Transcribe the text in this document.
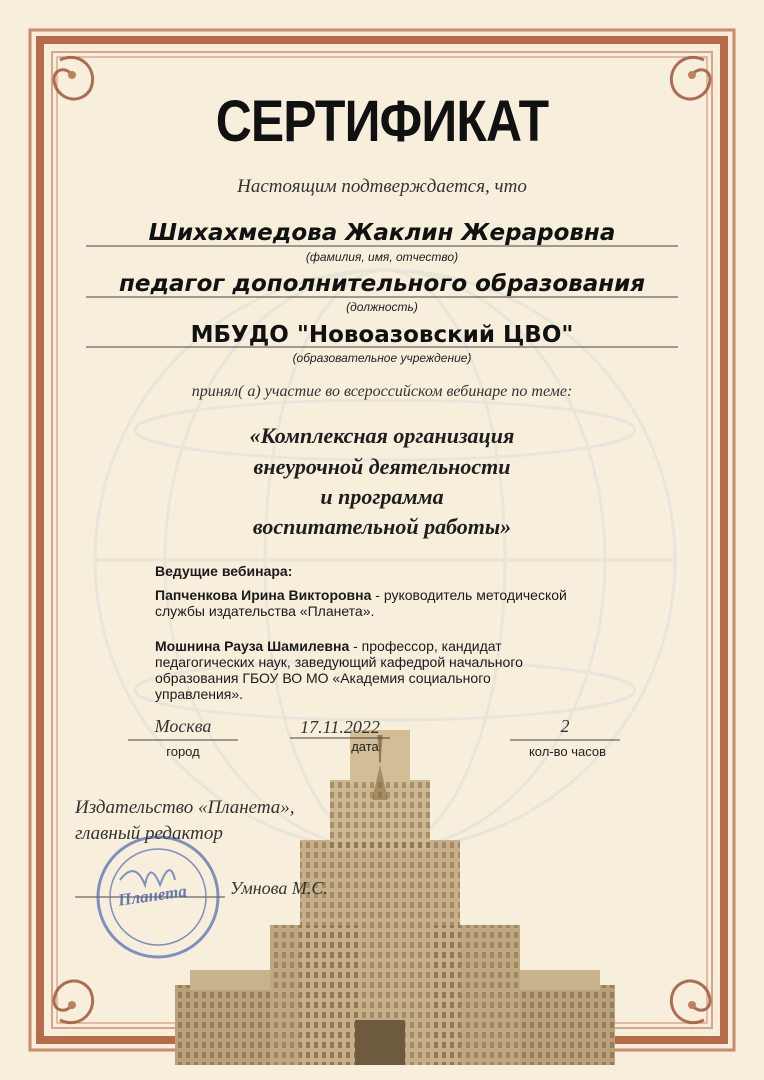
СЕРТИФИКАТ
Настоящим подтверждается, что
Шихахмедова Жаклин Жераровна
(фамилия, имя, отчество)
педагог дополнительного образования
(должность)
МБУДО "Новоазовский ЦВО"
(образовательное учреждение)
принял( а) участие во всероссийском вебинаре по теме:
«Комплексная организация
внеурочной деятельности
и программа
воспитательной работы»
Ведущие вебинара:
Папченкова Ирина Викторовна - руководитель методической
службы издательства «Планета».
Мошнина Рауза Шамилевна - профессор, кандидат
педагогических наук, заведующий кафедрой начального
образования ГБОУ ВО МО «Академия социального
управления».
Москва
город
17.11.2022
дата
2
кол-во часов
Издательство «Планета»,
главный редактор
Умнова М.С.
Планета
